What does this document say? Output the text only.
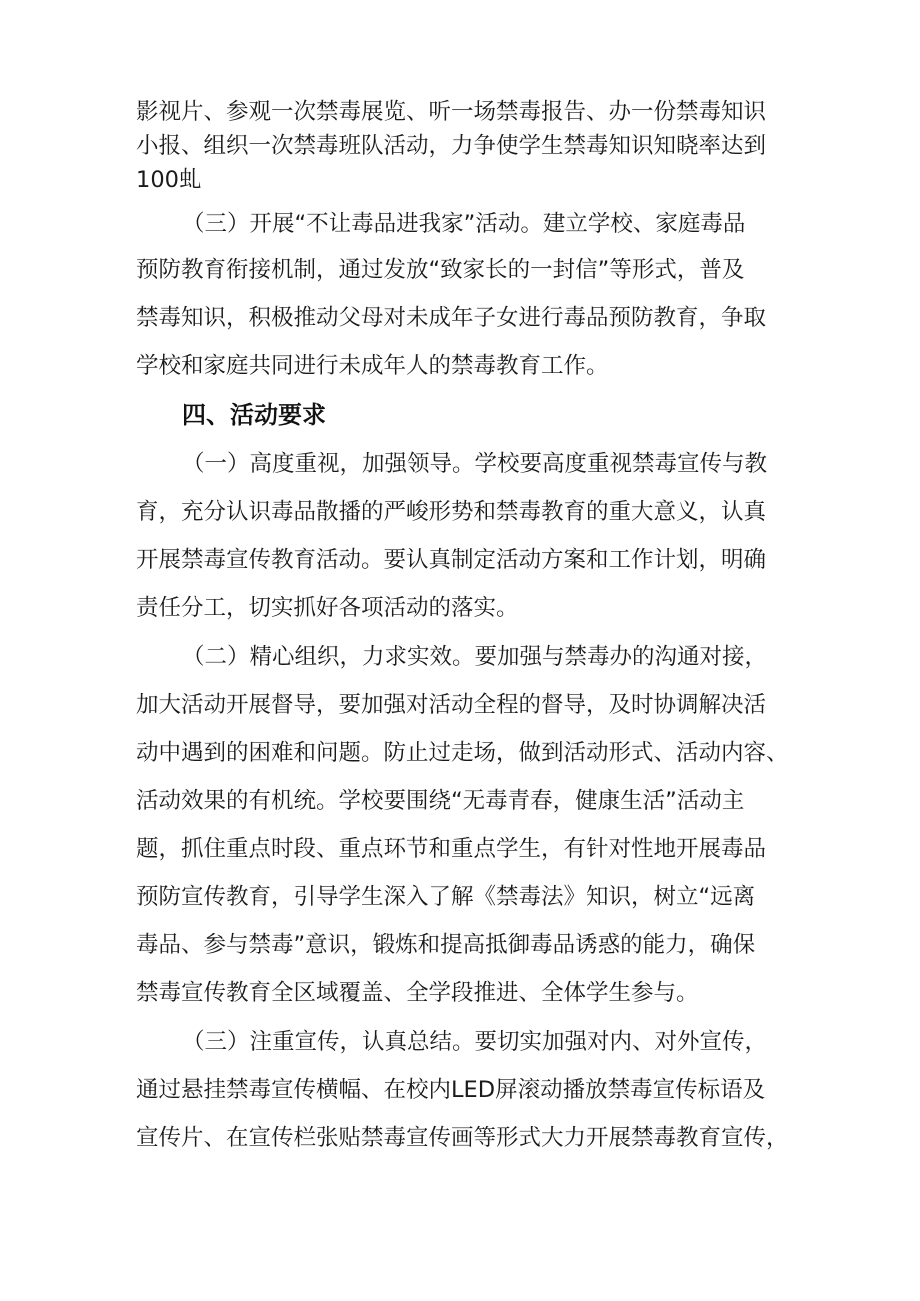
影视片、参观一次禁毒展览、听一场禁毒报告、办一份禁毒知识
小报、组织一次禁毒班队活动，力争使学生禁毒知识知晓率达到
100虬
（三）开展“不让毒品进我家”活动。建立学校、家庭毒品
预防教育衔接机制，通过发放“致家长的一封信”等形式，普及
禁毒知识，积极推动父母对未成年子女进行毒品预防教育，争取
学校和家庭共同进行未成年人的禁毒教育工作。
四、活动要求
（一）高度重视，加强领导。学校要高度重视禁毒宣传与教
育，充分认识毒品散播的严峻形势和禁毒教育的重大意义，认真
开展禁毒宣传教育活动。要认真制定活动方案和工作计划，明确
责任分工，切实抓好各项活动的落实。
（二）精心组织，力求实效。要加强与禁毒办的沟通对接，
加大活动开展督导，要加强对活动全程的督导，及时协调解决活
动中遇到的困难和问题。防止过走场，做到活动形式、活动内容、
活动效果的有机统。学校要围绕“无毒青春，健康生活”活动主
题，抓住重点时段、重点环节和重点学生，有针对性地开展毒品
预防宣传教育，引导学生深入了解《禁毒法》知识，树立“远离
毒品、参与禁毒”意识，锻炼和提高抵御毒品诱惑的能力，确保
禁毒宣传教育全区域覆盖、全学段推进、全体学生参与。
（三）注重宣传，认真总结。要切实加强对内、对外宣传，
通过悬挂禁毒宣传横幅、在校内LED屏滚动播放禁毒宣传标语及
宣传片、在宣传栏张贴禁毒宣传画等形式大力开展禁毒教育宣传，
